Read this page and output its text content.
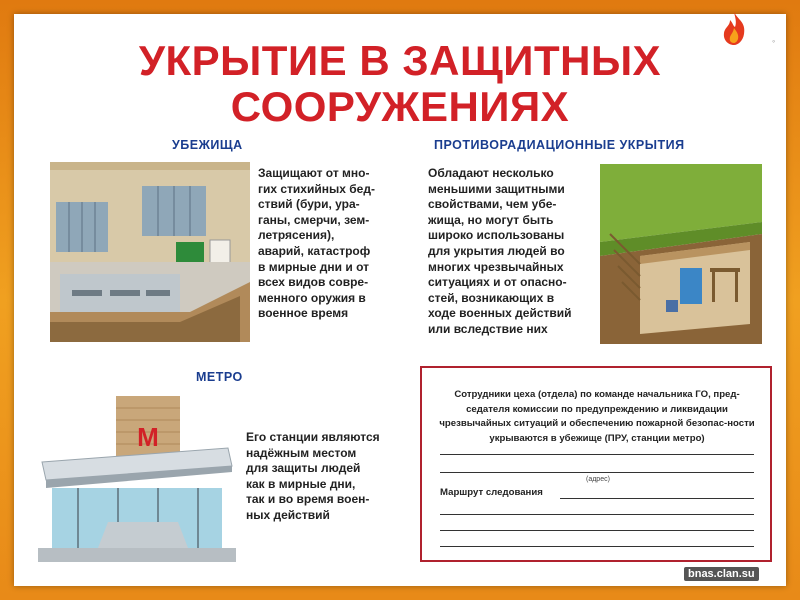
◦
УКРЫТИЕ В ЗАЩИТНЫХ
СООРУЖЕНИЯХ
УБЕЖИЩА
Защищают от мно-
гих стихийных бед-
ствий (бури, ура-
ганы, смерчи, зем-
летрясения),
аварий, катастроф
в мирные дни и от
всех видов совре-
менного оружия в
военное время
ПРОТИВОРАДИАЦИОННЫЕ УКРЫТИЯ
Обладают несколько
меньшими защитными
свойствами, чем убе-
жища, но могут быть
широко использованы
для укрытия людей во
многих чрезвычайных
ситуациях и от опасно-
стей, возникающих в
ходе военных действий
или вследствие них
МЕТРО
М	Его станции являются
надёжным местом
для защиты людей
как в мирные дни,
так и во время воен-
ных действий
Сотрудники цеха (отдела) по команде начальника ГО, пред-седателя комиссии по предупреждению и ликвидации чрезвычайных ситуаций и обеспечению пожарной безопас-ности укрываются в убежище (ПРУ, станции метро)
(адрес)
Маршрут следования
bnas.clan.su
